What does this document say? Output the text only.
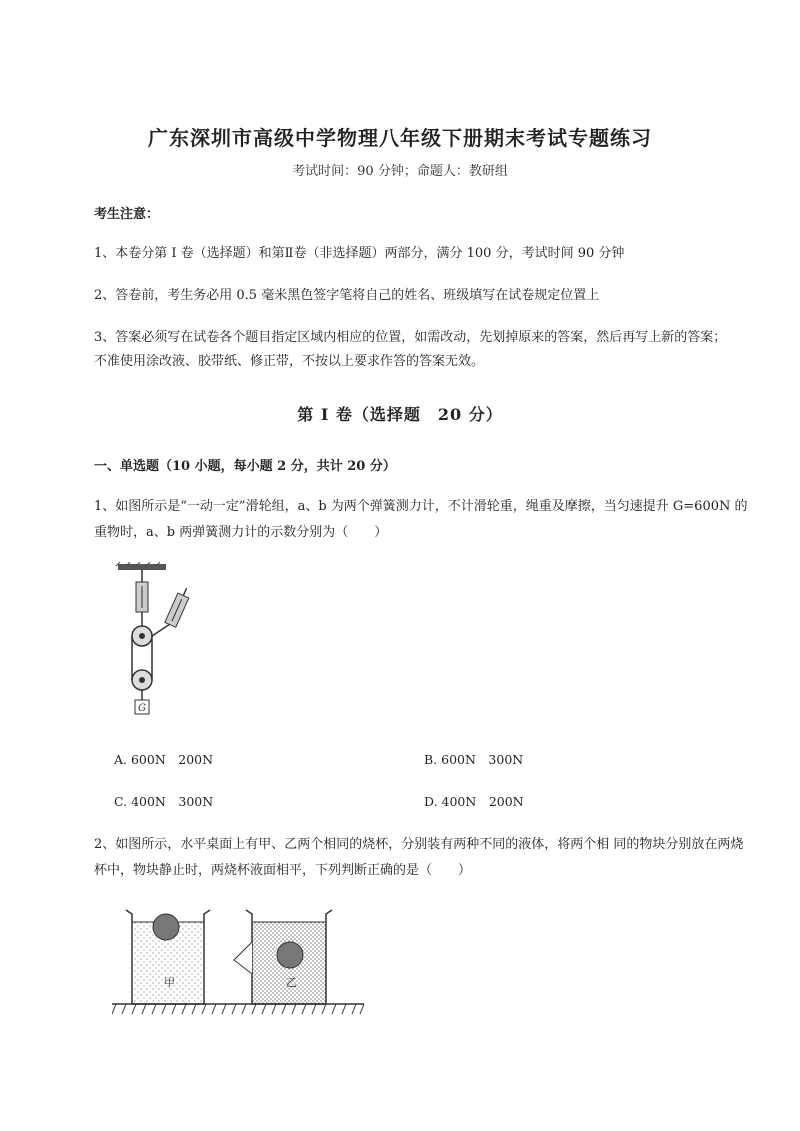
广东深圳市高级中学物理八年级下册期末考试专题练习
考试时间：90 分钟；命题人：教研组
考生注意：
1、本卷分第 I 卷（选择题）和第Ⅱ卷（非选择题）两部分，满分 100 分，考试时间 90 分钟
2、答卷前，考生务必用 0.5 毫米黑色签字笔将自己的姓名、班级填写在试卷规定位置上
3、答案必须写在试卷各个题目指定区域内相应的位置，如需改动，先划掉原来的答案，然后再写上新的答案；不准使用涂改液、胶带纸、修正带，不按以上要求作答的答案无效。
第 I 卷（选择题　20 分）
一、单选题（10 小题，每小题 2 分，共计 20 分）
1、如图所示是“一动一定”滑轮组，a、b 为两个弹簧测力计，不计滑轮重，绳重及摩擦，当匀速提升 G=600N 的重物时，a、b 两弹簧测力计的示数分别为（　　）
G
A. 600N　200N	B. 600N　300N
C. 400N　300N	D. 400N　200N
2、如图所示，水平桌面上有甲、乙两个相同的烧杯，分别装有两种不同的液体，将两个相 同的物块分别放在两烧杯中，物块静止时，两烧杯液面相平，下列判断正确的是（　　）
甲	乙
